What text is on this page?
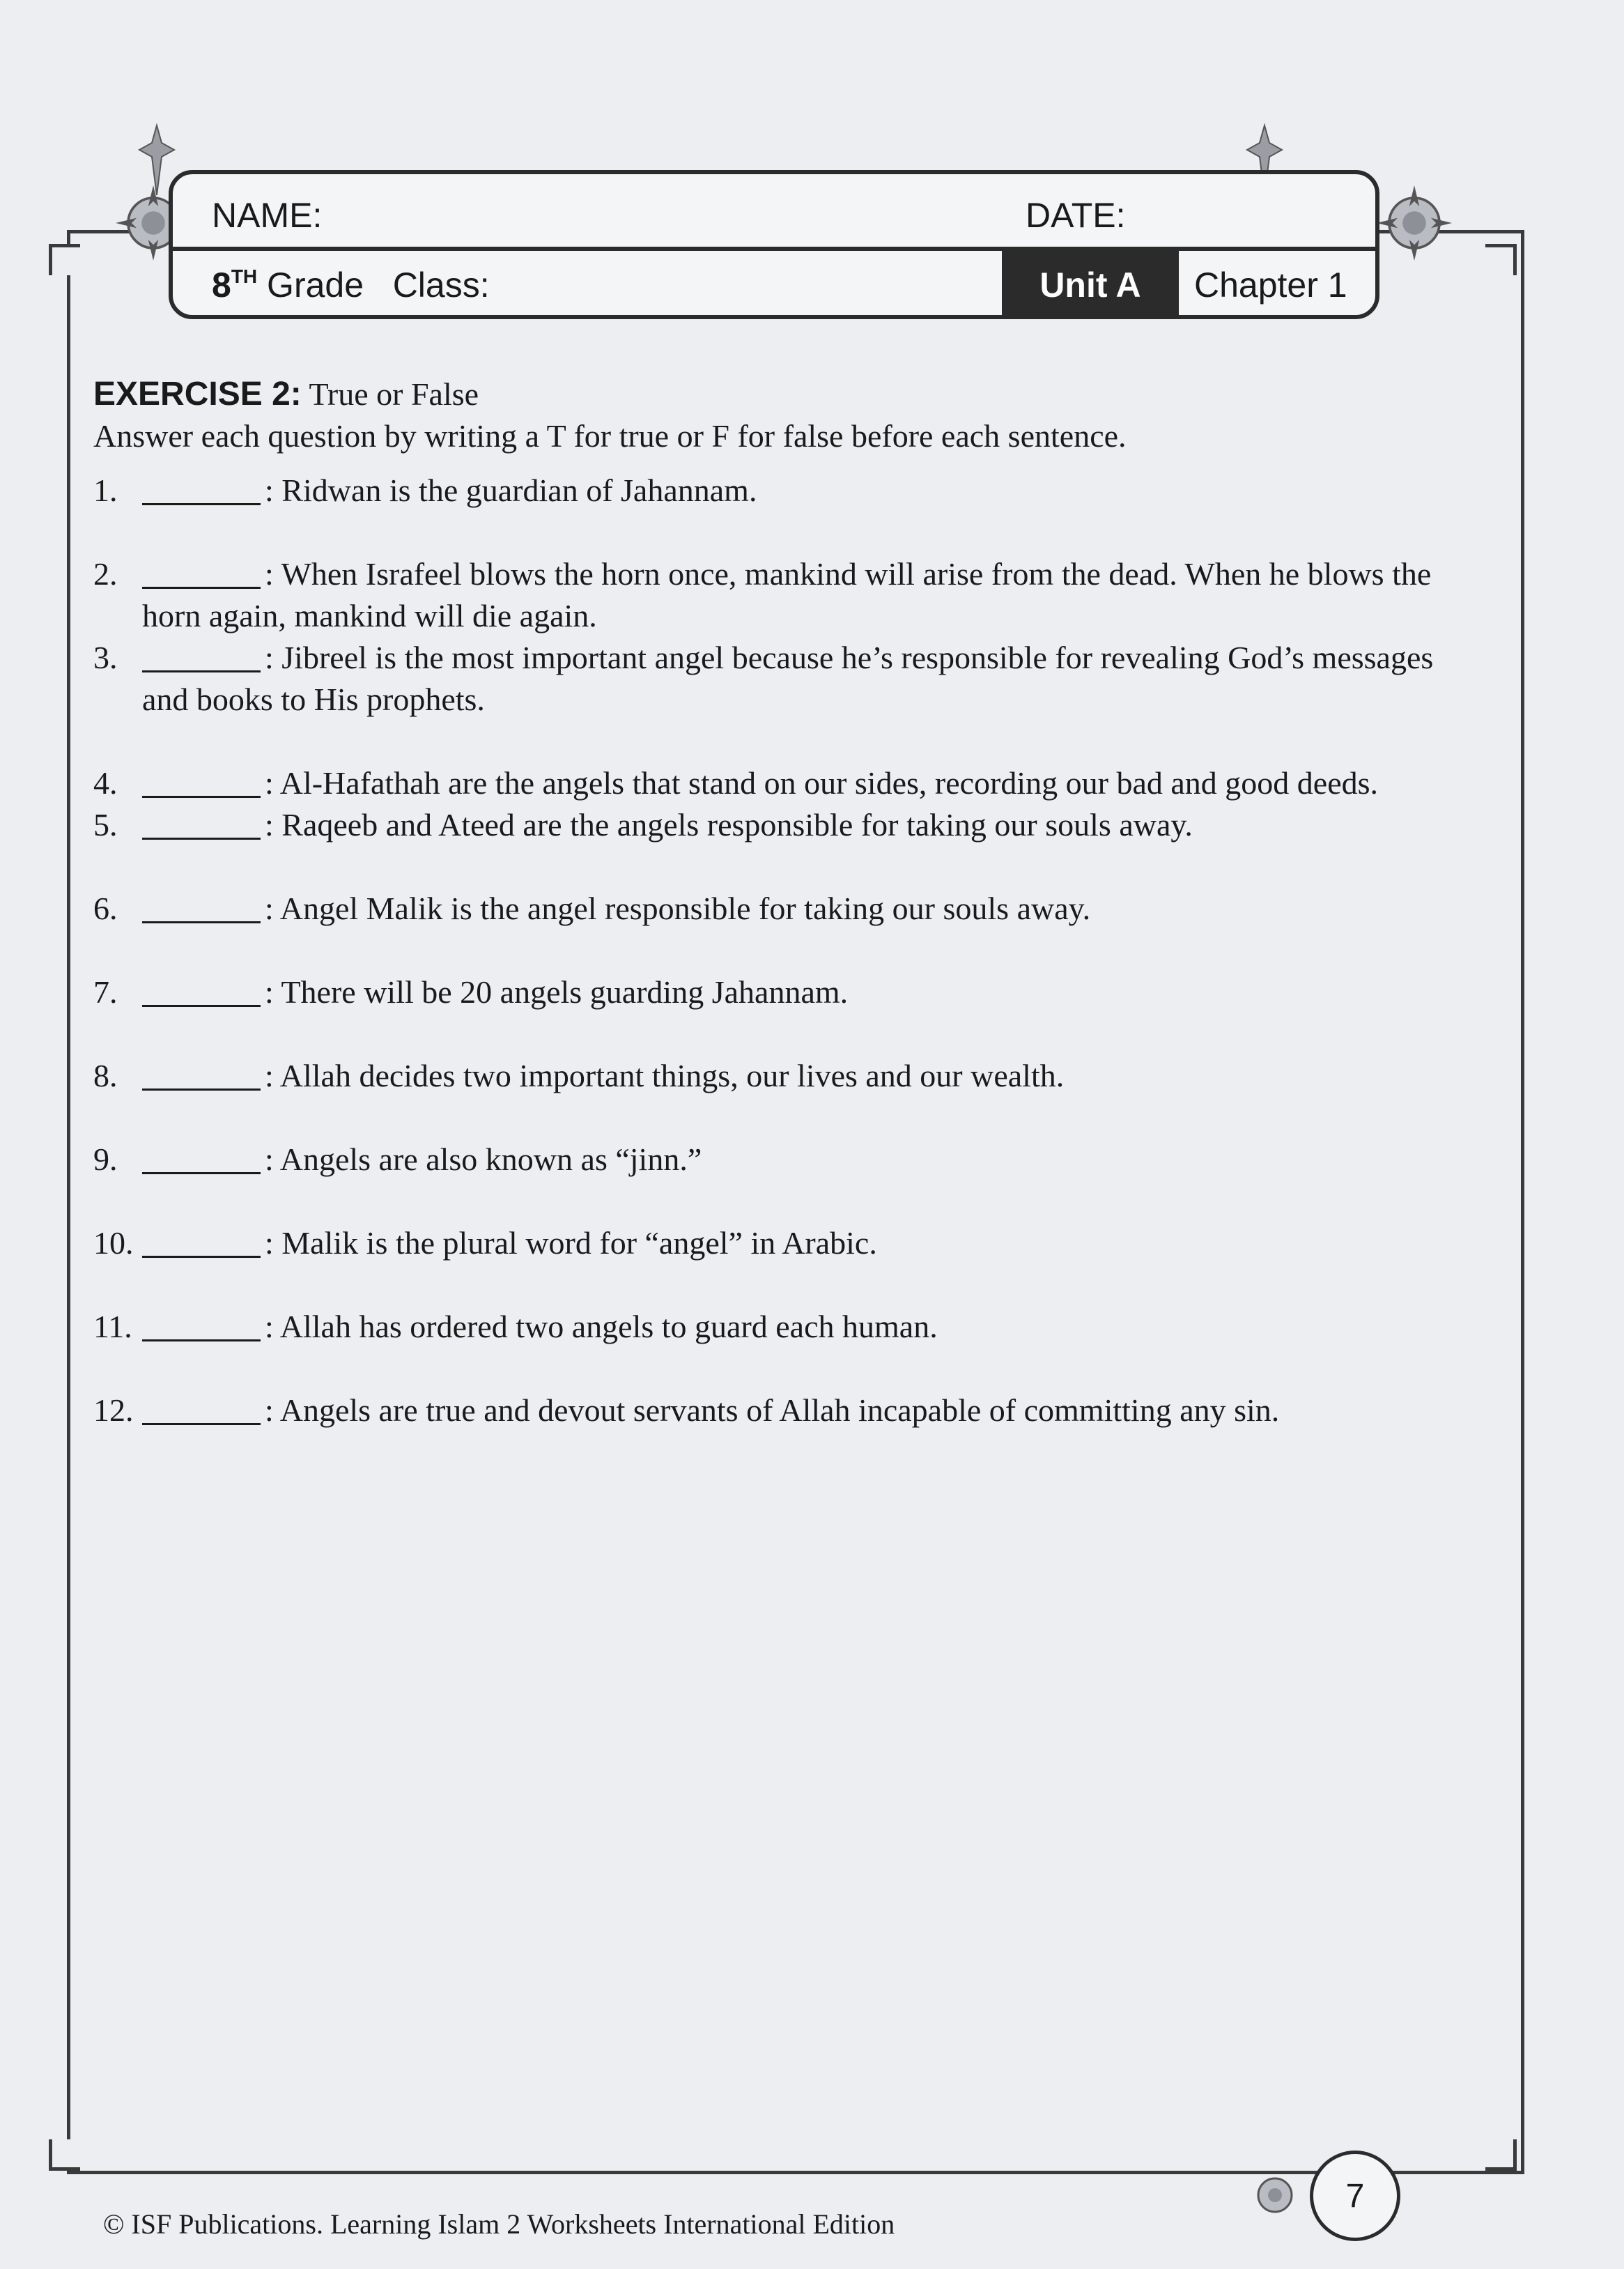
NAME:	DATE:
8TH Grade Class:	Unit A	Chapter 1
EXERCISE 2: True or False
Answer each question by writing a T for true or F for false before each sentence.
1.	: Ridwan is the guardian of Jahannam.
2.	: When Israfeel blows the horn once, mankind will arise from the dead. When he blows the horn again, mankind will die again.
3.	: Jibreel is the most important angel because he’s responsible for revealing God’s messages and books to His prophets.
4.	: Al-Hafathah are the angels that stand on our sides, recording our bad and good deeds.
5.	: Raqeeb and Ateed are the angels responsible for taking our souls away.
6.	: Angel Malik is the angel responsible for taking our souls away.
7.	: There will be 20 angels guarding Jahannam.
8.	: Allah decides two important things, our lives and our wealth.
9.	: Angels are also known as “jinn.”
10.	: Malik is the plural word for “angel” in Arabic.
11.	: Allah has ordered two angels to guard each human.
12.	: Angels are true and devout servants of Allah incapable of committing any sin.
7
© ISF Publications. Learning Islam 2 Worksheets International Edition
